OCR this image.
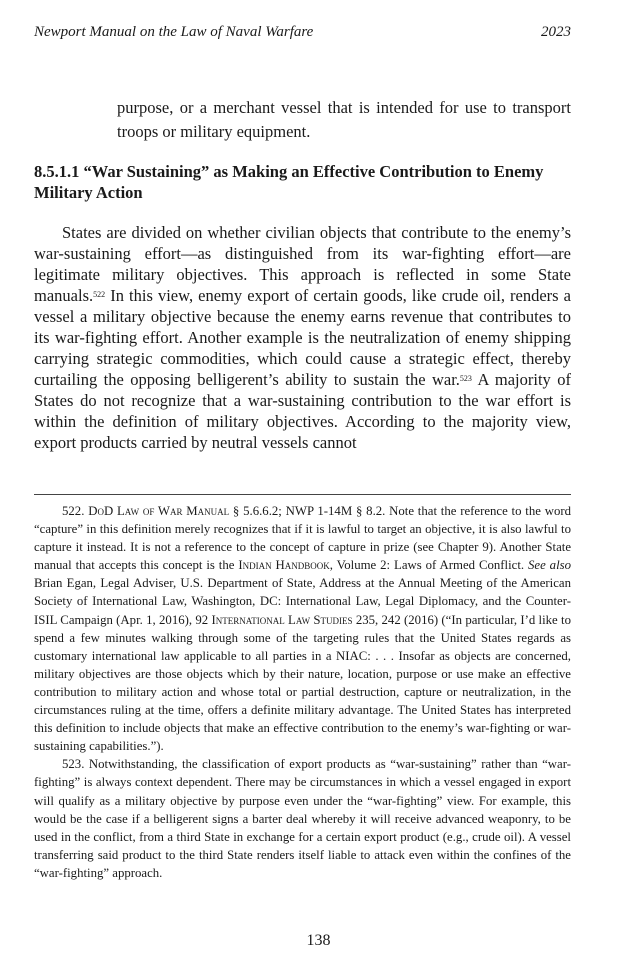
Newport Manual on the Law of Naval Warfare	2023
purpose, or a merchant vessel that is intended for use to transport troops or military equipment.
8.5.1.1 “War Sustaining” as Making an Effective Contribution to Enemy Military Action
States are divided on whether civilian objects that contribute to the enemy’s war-sustaining effort—as distinguished from its war-fighting effort—are legitimate military objectives. This approach is reflected in some State manuals.$^{522}$ In this view, enemy export of certain goods, like crude oil, renders a vessel a military objective because the enemy earns revenue that contributes to its war-fighting effort. Another example is the neutralization of enemy shipping carrying strategic commodities, which could cause a strategic effect, thereby curtailing the opposing belligerent’s ability to sustain the war.$^{523}$ A majority of States do not recognize that a war-sustaining contribution to the war effort is within the definition of military objectives. According to the majority view, export products carried by neutral vessels cannot

522. DoD Law of War Manual § 5.6.6.2; NWP 1-14M § 8.2. Note that the reference to the word “capture” in this definition merely recognizes that if it is lawful to target an objective, it is also lawful to capture it instead. It is not a reference to the concept of capture in prize (see Chapter 9). Another State manual that accepts this concept is the Indian Handbook, Volume 2: Laws of Armed Conflict. See also Brian Egan, Legal Adviser, U.S. Department of State, Address at the Annual Meeting of the American Society of International Law, Washington, DC: International Law, Legal Diplomacy, and the Counter-ISIL Campaign (Apr. 1, 2016), 92 International Law Studies 235, 242 (2016) (“In particular, I’d like to spend a few minutes walking through some of the targeting rules that the United States regards as customary international law applicable to all parties in a NIAC: . . . Insofar as objects are concerned, military objectives are those objects which by their nature, location, purpose or use make an effective contribution to military action and whose total or partial destruction, capture or neutralization, in the circumstances ruling at the time, offers a definite military advantage. The United States has interpreted this definition to include objects that make an effective contribution to the enemy’s war-fighting or war-sustaining capabilities.”).

523. Notwithstanding, the classification of export products as “war-sustaining” rather than “war-fighting” is always context dependent. There may be circumstances in which a vessel engaged in export will qualify as a military objective by purpose even under the “war-fighting” view. For example, this would be the case if a belligerent signs a barter deal whereby it will receive advanced weaponry, to be used in the conflict, from a third State in exchange for a certain export product (e.g., crude oil). A vessel transferring said product to the third State renders itself liable to attack even within the confines of the “war-fighting” approach.

138
